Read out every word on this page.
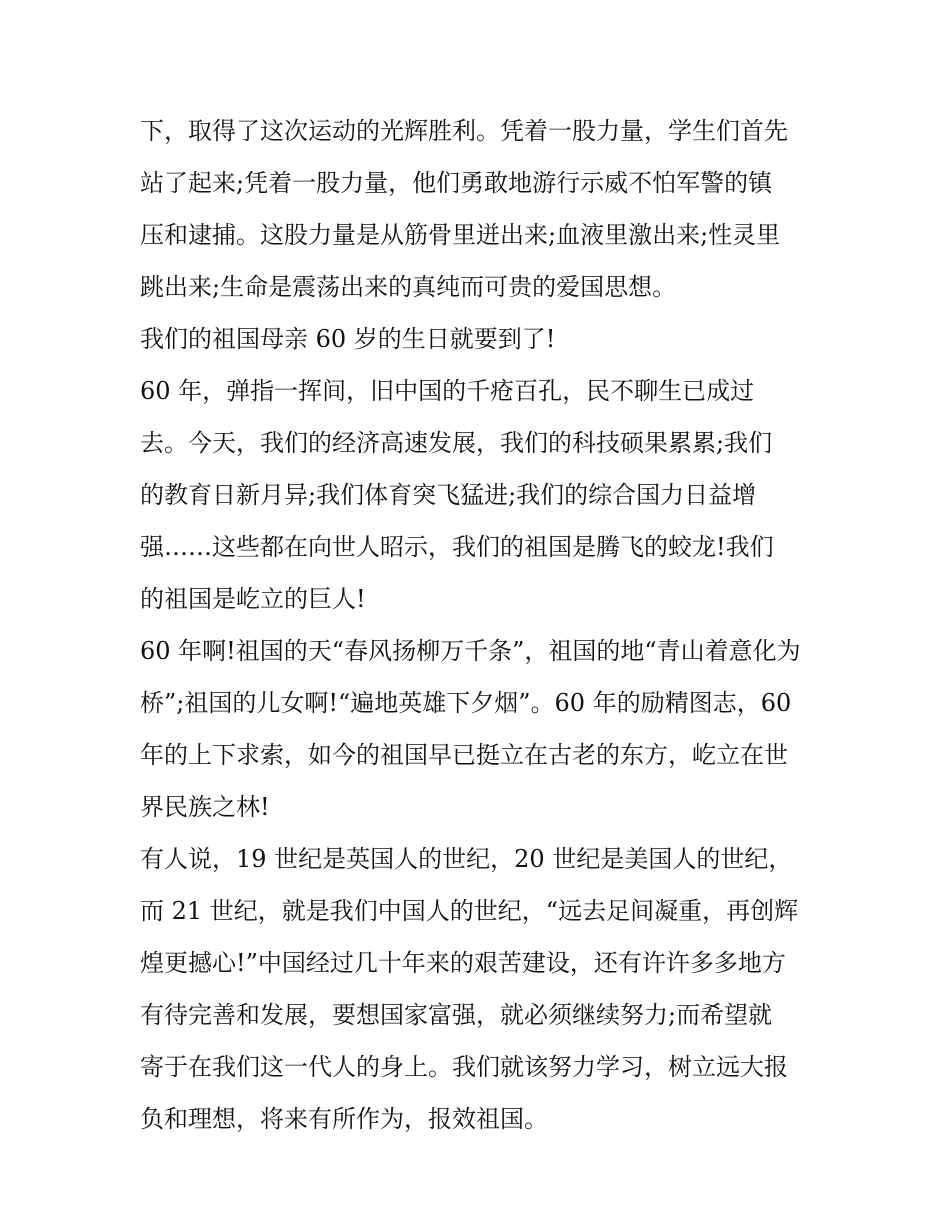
下，取得了这次运动的光辉胜利。凭着一股力量，学生们首先
站了起来;凭着一股力量，他们勇敢地游行示威不怕军警的镇
压和逮捕。这股力量是从筋骨里迸出来;血液里激出来;性灵里
跳出来;生命是震荡出来的真纯而可贵的爱国思想。
我们的祖国母亲 60 岁的生日就要到了!
60 年，弹指一挥间，旧中国的千疮百孔，民不聊生已成过
去。今天，我们的经济高速发展，我们的科技硕果累累;我们
的教育日新月异;我们体育突飞猛进;我们的综合国力日益增
强……这些都在向世人昭示，我们的祖国是腾飞的蛟龙!我们
的祖国是屹立的巨人!
60 年啊!祖国的天“春风扬柳万千条”，祖国的地“青山着意化为
桥”;祖国的儿女啊!“遍地英雄下夕烟”。60 年的励精图志，60
年的上下求索，如今的祖国早已挺立在古老的东方，屹立在世
界民族之林!
有人说，19 世纪是英国人的世纪，20 世纪是美国人的世纪，
而 21 世纪，就是我们中国人的世纪，“远去足间凝重，再创辉
煌更撼心!”中国经过几十年来的艰苦建设，还有许许多多地方
有待完善和发展，要想国家富强，就必须继续努力;而希望就
寄于在我们这一代人的身上。我们就该努力学习，树立远大报
负和理想，将来有所作为，报效祖国。
